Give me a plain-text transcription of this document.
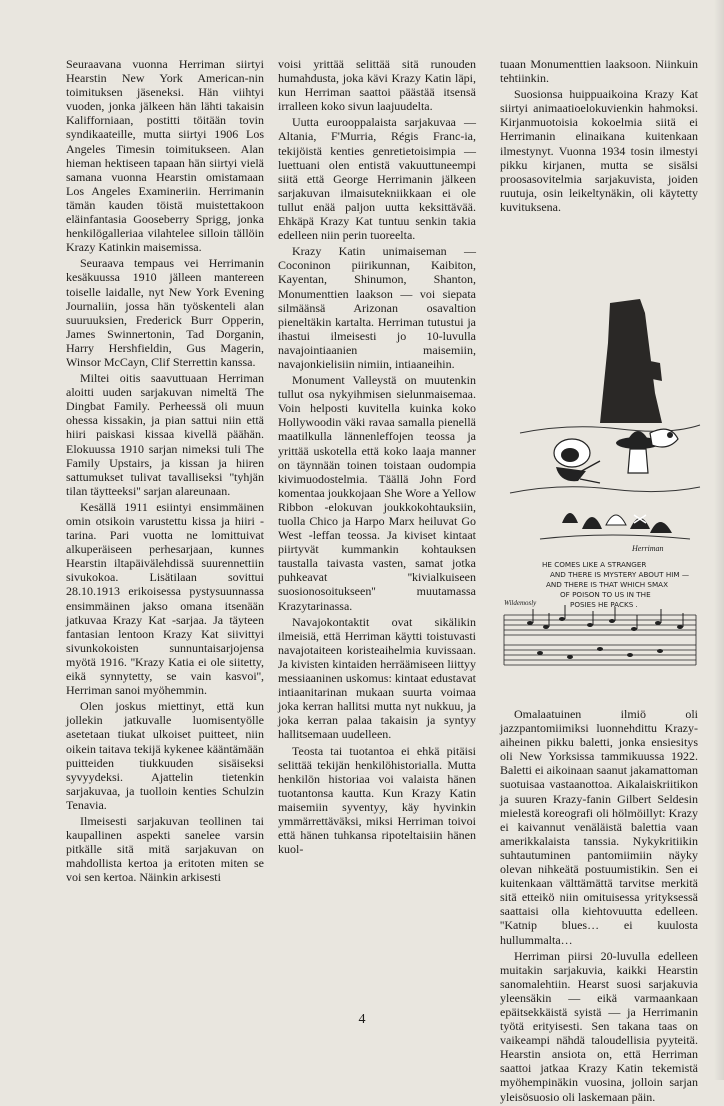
Seuraavana vuonna Herriman siirtyi Hearstin New York American-nin toimituksen jäseneksi. Hän viihtyi vuoden, jonka jälkeen hän lähti takaisin Kalifforniaan, postitti töitään tovin syndikaateille, mutta siirtyi 1906 Los Angeles Timesin toimitukseen. Alan hieman hektiseen tapaan hän siirtyi vielä samana vuonna Hearstin omistamaan Los Angeles Examineriin. Herrimanin tämän kauden töistä muistettakoon eläinfantasia Gooseberry Sprigg, jonka henkilögalleriaa vilahtelee silloin tällöin Krazy Katinkin maisemissa.

Seuraava tempaus vei Herrimanin kesäkuussa 1910 jälleen mantereen toiselle laidalle, nyt New York Evening Journaliin, jossa hän työskenteli alan suuruuksien, Frederick Burr Opperin, James Swinnertonin, Tad Dorganin, Harry Hershfieldin, Gus Magerin, Winsor McCayn, Clif Sterrettin kanssa.

Miltei oitis saavuttuaan Herriman aloitti uuden sarjakuvan nimeltä The Dingbat Family. Perheessä oli muun ohessa kissakin, ja pian sattui niin että hiiri paiskasi kissaa kivellä päähän. Elokuussa 1910 sarjan nimeksi tuli The Family Upstairs, ja kissan ja hiiren sattumukset tulivat tavalliseksi ''tyhjän tilan täytteeksi'' sarjan alareunaan.

Kesällä 1911 esiintyi ensimmäinen omin otsikoin varustettu kissa ja hiiri -tarina. Pari vuotta ne lomittuivat alkuperäiseen perhesarjaan, kunnes Hearstin iltapäivälehdissä suurennettiin sivukokoa. Lisätilaan sovittui 28.10.1913 erikoisessa pystysuunnassa ensimmäinen jakso omana itsenään jatkuvaa Krazy Kat -sarjaa. Ja täyteen fantasian lentoon Krazy Kat siivittyi sivunkokoisten sunnuntaisarjojensa myötä 1916. ''Krazy Katia ei ole siitetty, eikä synnytetty, se vain kasvoi'', Herriman sanoi myöhemmin.

Olen joskus miettinyt, että kun jollekin jatkuvalle luomisentyölle asetetaan tiukat ulkoiset puitteet, niin oikein taitava tekijä kykenee kääntämään puitteiden tiukkuuden sisäiseksi syvyydeksi. Ajattelin tietenkin sarjakuvaa, ja tuolloin kenties Schulzin Tenavia.

Ilmeisesti sarjakuvan teollinen tai kaupallinen aspekti sanelee varsin pitkälle sitä mitä sarjakuvan on mahdollista kertoa ja eritoten miten se voi sen kertoa. Näinkin arkisesti

voisi yrittää selittää sitä runouden humahdusta, joka kävi Krazy Katin läpi, kun Herriman saattoi päästää itsensä irralleen koko sivun laajuudelta.

Uutta eurooppalaista sarjakuvaa — Altania, F'Murria, Régis Franc-ia, tekijöistä kenties genretietoisimpia — luettuani olen entistä vakuuttuneempi siitä että George Herrimanin jälkeen sarjakuvan ilmaisutekniikkaan ei ole tullut enää paljon uutta keksittävää. Ehkäpä Krazy Kat tuntuu senkin takia edelleen niin perin tuoreelta.

Krazy Katin unimaiseman — Coconinon piirikunnan, Kaibiton, Kayentan, Shinumon, Shanton, Monumenttien laakson — voi siepata silmäänsä Arizonan osavaltion pieneltäkin kartalta. Herriman tutustui ja ihastui ilmeisesti jo 10-luvulla navajointiaanien maisemiin, navajonkielisiin nimiin, intiaaneihin.

Monument Valleystä on muutenkin tullut osa nykyihmisen sielunmaisemaa. Voin helposti kuvitella kuinka koko Hollywoodin väki ravaa samalla pienellä maatilkulla lännenleffojen teossa ja yrittää uskotella että koko laaja manner on täynnään toinen toistaan oudompia kivimuodostelmia. Täällä John Ford komentaa joukkojaan She Wore a Yellow Ribbon -elokuvan joukkokohtauksiin, tuolla Chico ja Harpo Marx heiluvat Go West -leffan teossa. Ja kiviset kintaat piirtyvät kummankin kohtauksen taustalla taivasta vasten, samat jotka puhkeavat ''kivialkuiseen suosionosoitukseen'' muutamassa Krazytarinassa.

Navajokontaktit ovat sikälikin ilmeisiä, että Herriman käytti toistuvasti navajotaiteen koristeaihelmia kuvissaan. Ja kivisten kintaiden herräämiseen liittyy messiaaninen uskomus: kintaat edustavat intiaanitarinan mukaan suurta voimaa joka kerran hallitsi mutta nyt nukkuu, ja joka kerran palaa takaisin ja syntyy hallitsemaan uudelleen.

Teosta tai tuotantoa ei ehkä pitäisi selittää tekijän henkilöhistorialla. Mutta henkilön historiaa voi valaista hänen tuotantonsa kautta. Kun Krazy Katin maisemiin syventyy, käy hyvinkin ymmärrettäväksi, miksi Herriman toivoi että hänen tuhkansa ripoteltaisiin hänen kuol-

tuaan Monumenttien laaksoon. Niinkuin tehtiinkin.

Suosionsa huippuaikoina Krazy Kat siirtyi animaatioelokuvienkin hahmoksi. Kirjanmuotoisia kokoelmia siitä ei Herrimanin elinaikana kuitenkaan ilmestynyt. Vuonna 1934 tosin ilmestyi pikku kirjanen, mutta se sisälsi proosasovitelmia sarjakuvista, joiden ruutuja, osin leikeltynäkin, oli käytetty kuvituksena.

Herriman
HE COMES LIKE A STRANGER
AND THERE IS MYSTERY ABOUT HIM —
AND THERE IS THAT WHICH SMAX
OF POISON TO US IN THE
POSIES HE PACKS .
Wildemosly

Omalaatuinen ilmiö oli jazzpantomiimiksi luonnehdittu Krazy-aiheinen pikku baletti, jonka ensiesitys oli New Yorksissa tammikuussa 1922. Baletti ei aikoinaan saanut jakamattoman suotuisaa vastaanottoa. Aikalaiskriitikon ja suuren Krazy-fanin Gilbert Seldesin mielestä koreografi oli hölmöillyt: Krazy ei kaivannut venäläistä balettia vaan amerikkalaista tanssia. Nykykritiikin suhtautuminen pantomiimiin näyky olevan nihkeätä postuumistikin. Sen ei kuitenkaan välttämättä tarvitse merkitä sitä etteikö niin omituisessa yrityksessä saattaisi olla kiehtovuutta edelleen. ''Katnip blues… ei kuulosta hullummalta…

Herriman piirsi 20-luvulla edelleen muitakin sarjakuvia, kaikki Hearstin sanomalehtiin. Hearst suosi sarjakuvia yleensäkin — eikä varmaankaan epäitsekkäistä syistä — ja Herrimanin työtä erityisesti. Sen takana taas on vaikeampi nähdä taloudellisia pyyteitä. Hearstin ansiota on, että Herriman saattoi jatkaa Krazy Katin tekemistä myöhempinäkin vuosina, jolloin sarjan yleisösuosio oli laskemaan päin.

4
